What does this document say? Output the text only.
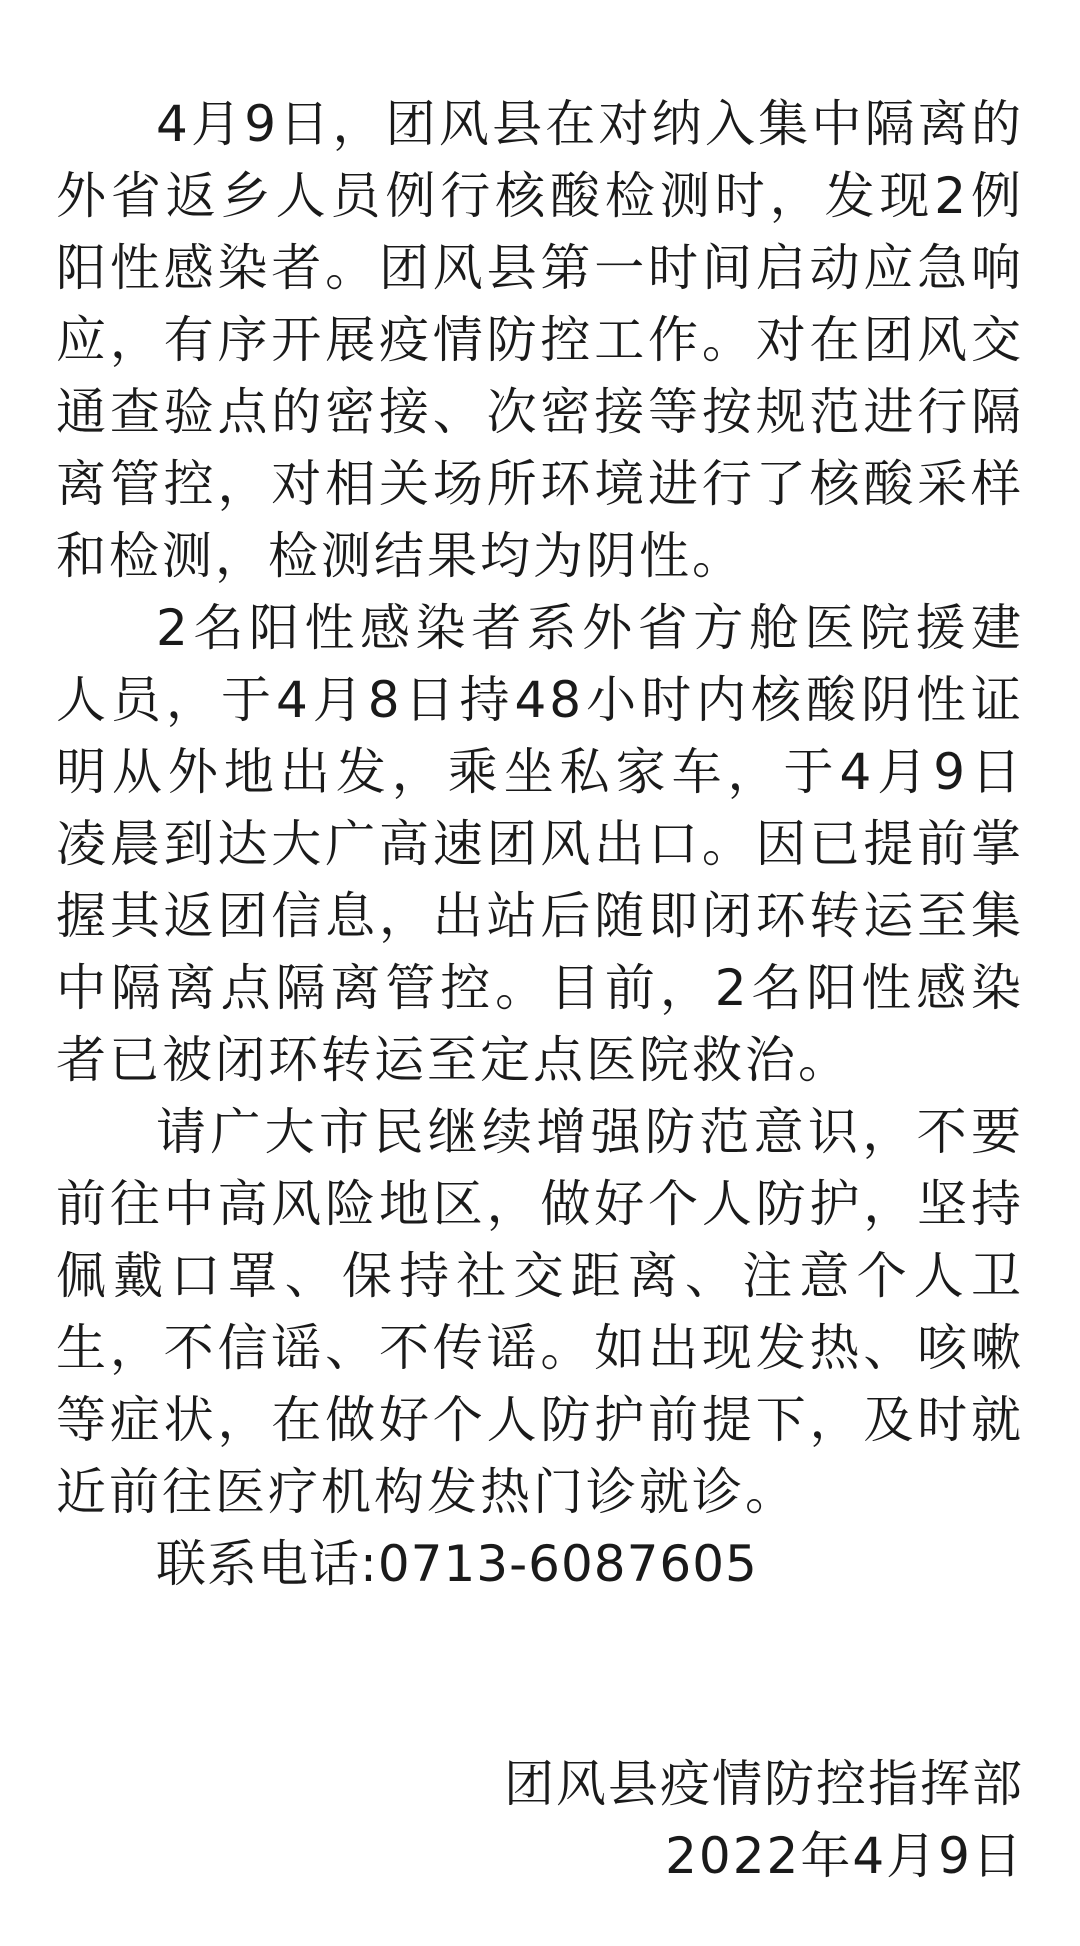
4月9日，团风县在对纳入集中隔离的外省返乡人员例行核酸检测时，发现2例阳性感染者。团风县第一时间启动应急响应，有序开展疫情防控工作。对在团风交通查验点的密接、次密接等按规范进行隔离管控，对相关场所环境进行了核酸采样和检测，检测结果均为阴性。

2名阳性感染者系外省方舱医院援建人员，于4月8日持48小时内核酸阴性证明从外地出发，乘坐私家车，于4月9日凌晨到达大广高速团风出口。因已提前掌握其返团信息，出站后随即闭环转运至集中隔离点隔离管控。目前，2名阳性感染者已被闭环转运至定点医院救治。

请广大市民继续增强防范意识，不要前往中高风险地区，做好个人防护，坚持佩戴口罩、保持社交距离、注意个人卫生，不信谣、不传谣。如出现发热、咳嗽等症状，在做好个人防护前提下，及时就近前往医疗机构发热门诊就诊。

联系电话:0713-6087605

团风县疫情防控指挥部
2022年4月9日
